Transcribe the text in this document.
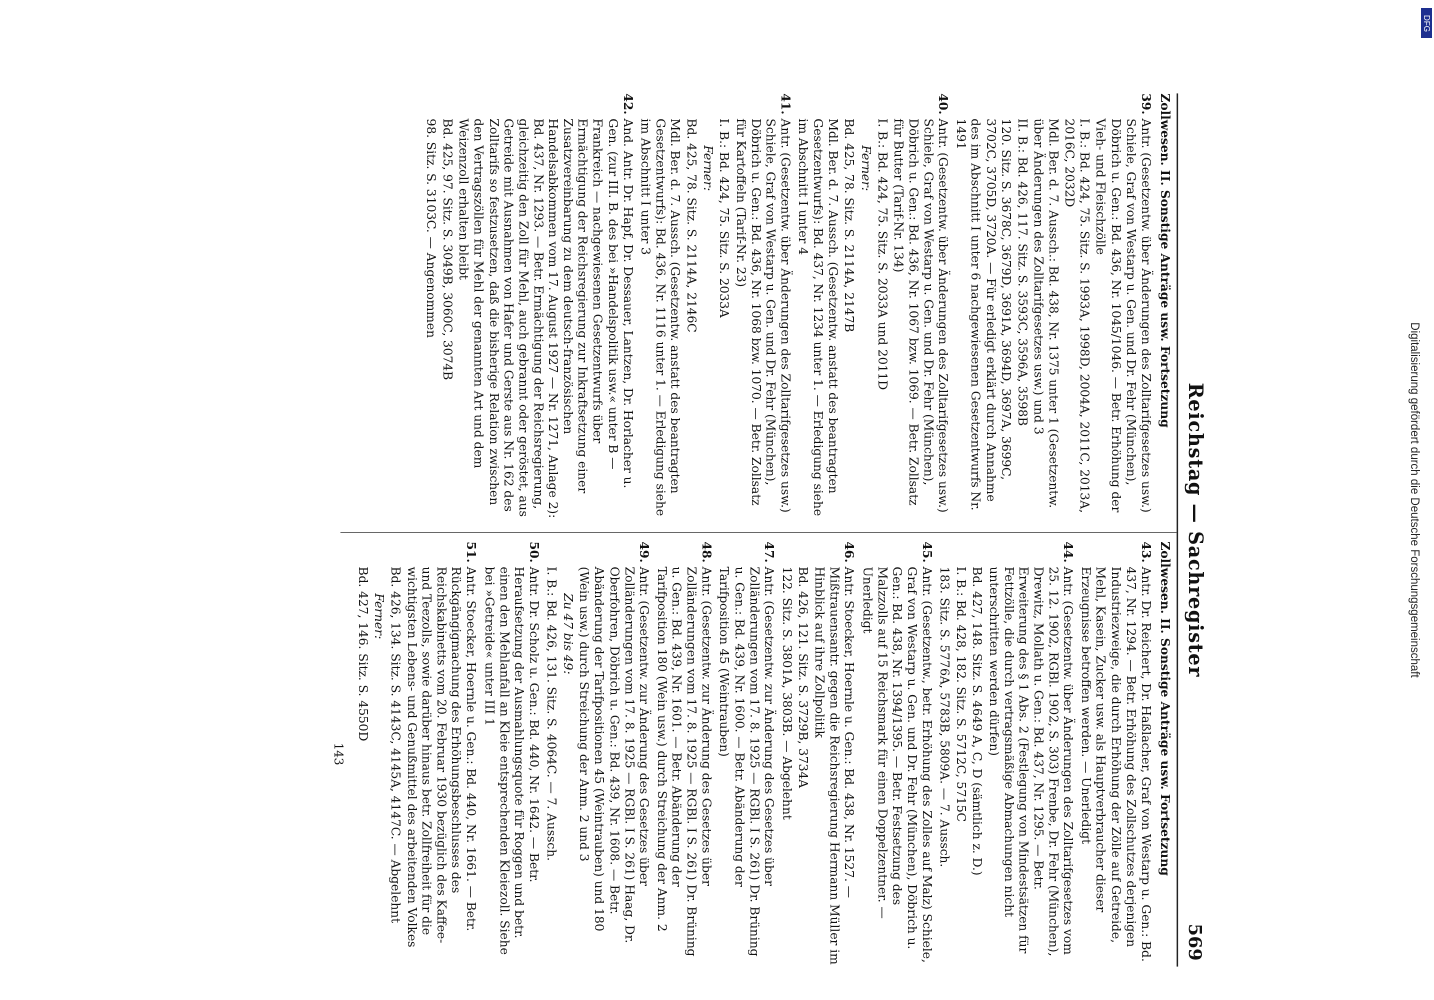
Reichstag — Sachregister
569
Zollwesen. II. Sonstige Anträge usw. Fortsetzung
39.
Antr. (Gesetzentw. über Änderungen des Zolltarifgesetzes usw.) Schiele, Graf von Westarp u. Gen. und Dr. Fehr (München), Döbrich u. Gen.: Bd. 436, Nr. 1045/1046. — Betr. Erhöhung der Vieh- und Fleischzölle
I. B.: Bd. 424, 75. Sitz. S. 1993A, 1998D, 2004A, 2011C, 2013A, 2016C, 2032D
Mdl. Ber. d. 7. Aussch.: Bd. 438, Nr. 1375 unter 1 (Gesetzentw. über Änderungen des Zolltarifgesetzes usw.) und 3
II. B.: Bd. 426, 117. Sitz. S. 3593C, 3596A, 3598B
120. Sitz. S. 3678C, 3679D, 3691A, 3694D, 3697A, 3699C, 3702C, 3705D, 3720A. — Für erledigt erklärt durch Annahme des im Abschnitt I unter 6 nachgewiesenen Gesetzentwurfs Nr. 1491
40.
Antr. (Gesetzentw. über Änderungen des Zolltarifgesetzes usw.) Schiele, Graf von Westarp u. Gen. und Dr. Fehr (München), Döbrich u. Gen.: Bd. 436, Nr. 1067 bzw. 1069. — Betr. Zollsatz für Butter (Tarif-Nr. 134)
I. B.: Bd. 424, 75. Sitz. S. 2033A und 2011D
Ferner:
Bd. 425, 78. Sitz. S. 2114A, 2147B
Mdl. Ber. d. 7. Aussch. (Gesetzentw. anstatt des beantragten Gesetzentwurfs): Bd. 437, Nr. 1234 unter 1. — Erledigung siehe im Abschnitt I unter 4
41.
Antr. (Gesetzentw. über Änderungen des Zolltarifgesetzes usw.) Schiele, Graf von Westarp u. Gen. und Dr. Fehr (München), Döbrich u. Gen.: Bd. 436, Nr. 1068 bzw. 1070. — Betr. Zollsatz für Kartoffeln (Tarif-Nr. 23)
I. B.: Bd. 424, 75. Sitz. S. 2033A
Ferner:
Bd. 425, 78. Sitz. S. 2114A, 2146C
Mdl. Ber. d. 7. Aussch. (Gesetzentw. anstatt des beantragten Gesetzentwurfs): Bd. 436, Nr. 1116 unter 1. — Erledigung siehe im Abschnitt I unter 3
42.
And. Antr. Dr. Hapf, Dr. Dessauer, Lantzen, Dr. Horlacher u. Gen. (zur III. B. des bei »Handelspolitik usw.« unter B — Frankreich — nachgewiesenen Gesetzentwurfs über Ermächtigung der Reichsregierung zur Inkraftsetzung einer Zusatzvereinbarung zu dem deutsch-französischen Handelsabkommen vom 17. August 1927 — Nr. 1271, Anlage 2): Bd. 437, Nr. 1293. — Betr. Ermächtigung der Reichsregierung, gleichzeitig den Zoll für Mehl, auch gebrannt oder geröstet, aus Getreide mit Ausnahmen von Hafer und Gerste aus Nr. 162 des Zolltarifs so festzusetzen, daß die bisherige Relation zwischen den Vertragszöllen für Mehl der genannten Art und dem Weizenzoll erhalten bleibt
Bd. 425, 97. Sitz. S. 3049B, 3060C, 3074B
98. Sitz. S. 3103C. — Angenommen
Zollwesen. II. Sonstige Anträge usw. Fortsetzung
43.
Antr. Dr. Reichert, Dr. Haßlacher, Graf von Westarp u. Gen.: Bd. 437, Nr. 1294. — Betr. Erhöhung des Zollschutzes derjenigen Industriezweige, die durch Erhöhung der Zölle auf Getreide, Mehl, Kasein, Zucker usw. als Hauptverbraucher dieser Erzeugnisse betroffen werden. — Unerledigt
44.
Antr. (Gesetzentw. über Änderungen des Zolltarifgesetzes vom 25. 12. 1902, RGBl. 1902, S. 303) Frenbe, Dr. Fehr (München), Drewitz, Mollath u. Gen.: Bd. 437, Nr. 1295. — Betr. Erweiterung des § 1 Abs. 2 (Festlegung von Mindestsätzen für Fettzölle, die durch vertragsmäßige Abmachungen nicht unterschritten werden dürfen)
Bd. 427, 148. Sitz. S. 4649 A, C, D (sämtlich z. D.)
I. B.: Bd. 428, 182. Sitz. S. 5712C, 5715C
183. Sitz. S. 5776A, 5783B, 5809A. — 7. Aussch.
45.
Antr. (Gesetzentw., betr. Erhöhung des Zolles auf Malz) Schiele, Graf von Westarp u. Gen. und Dr. Fehr (München), Döbrich u. Gen.: Bd. 438, Nr. 1394/1395. — Betr. Festsetzung des Malzzolls auf 15 Reichsmark für einen Doppelzentner. — Unerledigt
46.
Antr. Stoecker, Hoernle u. Gen.: Bd. 438, Nr. 1527. — Mißtrauensantr. gegen die Reichsregierung Hermann Müller im Hinblick auf ihre Zollpolitik
Bd. 426, 121. Sitz. S. 3729B, 3734A
122. Sitz. S. 3801A, 3803B. — Abgelehnt
47.
Antr. (Gesetzentw. zur Änderung des Gesetzes über Zolländerungen vom 17. 8. 1925 — RGBl. I S. 261) Dr. Brüning u. Gen.: Bd. 439, Nr. 1600. — Betr. Abänderung der Tarifposition 45 (Weintrauben)
48.
Antr. (Gesetzentw. zur Änderung des Gesetzes über Zolländerungen vom 17. 8. 1925 — RGBl. I S. 261) Dr. Brüning u. Gen.: Bd. 439, Nr. 1601. — Betr. Abänderung der Tarifposition 180 (Wein usw.) durch Streichung der Anm. 2
49.
Antr. (Gesetzentw. zur Änderung des Gesetzes über Zolländerungen vom 17. 8. 1925 — RGBl. I S. 261) Haag, Dr. Oberfohren, Döbrich u. Gen.: Bd. 439, Nr. 1608. — Betr. Abänderung der Tarifpositionen 45 (Weintrauben) und 180 (Wein usw.) durch Streichung der Anm. 2 und 3
Zu 47 bis 49:
I. B.: Bd. 426, 131. Sitz. S. 4064C. — 7. Aussch.
50.
Antr. Dr. Scholz u. Gen.: Bd. 440, Nr. 1642. — Betr. Heraufsetzung der Ausmahlungsquote für Roggen und betr. einen den Mehlanfall an Kleie entsprechenden Kleiezoll. Siehe bei »Getreide« unter III 1
51.
Antr. Stoecker, Hoernle u. Gen.: Bd. 440, Nr. 1661. — Betr. Rückgängigmachung des Erhöhungsbeschlusses des Reichskabinetts vom 20. Februar 1930 bezüglich des Kaffee- und Teezolls, sowie darüber hinaus betr. Zollfreiheit für die wichtigsten Lebens- und Genußmittel des arbeitenden Volkes
Bd. 426, 134. Sitz. S. 4143C, 4145A, 4147C. — Abgelehnt
Ferner:
Bd. 427, 146. Sitz. S. 4550D
143
Digitalisierung gefördert durch die Deutsche Forschungsgemeinschaft
DFG
